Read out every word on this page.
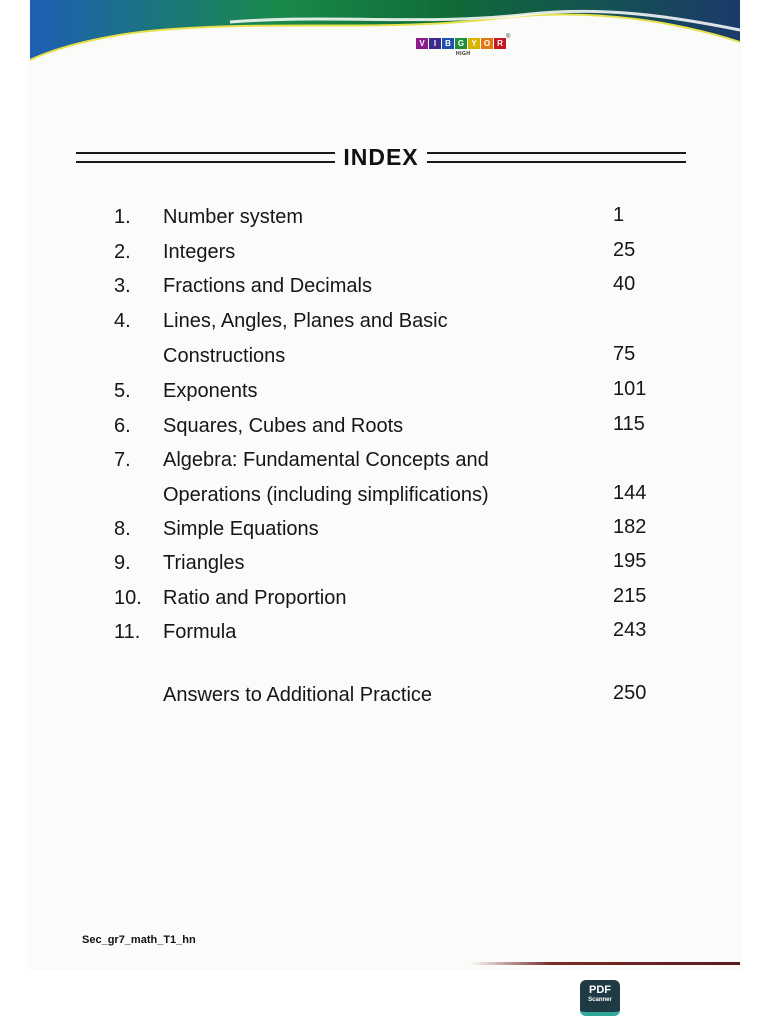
V	I	B G Y O R
HIGH
®
INDEX
1. Number system	1
2. Integers	25
3. Fractions and Decimals	40
4. Lines, Angles, Planes and Basic
Constructions	75
5. Exponents	101
6. Squares, Cubes and Roots	115
7. Algebra: Fundamental Concepts and
Operations (including simplifications)	144
8. Simple Equations	182
9. Triangles	195
10. Ratio and Proportion	215
11. Formula	243
Answers to Additional Practice	250
Sec_gr7_math_T1_hn
PDF
Scanner
